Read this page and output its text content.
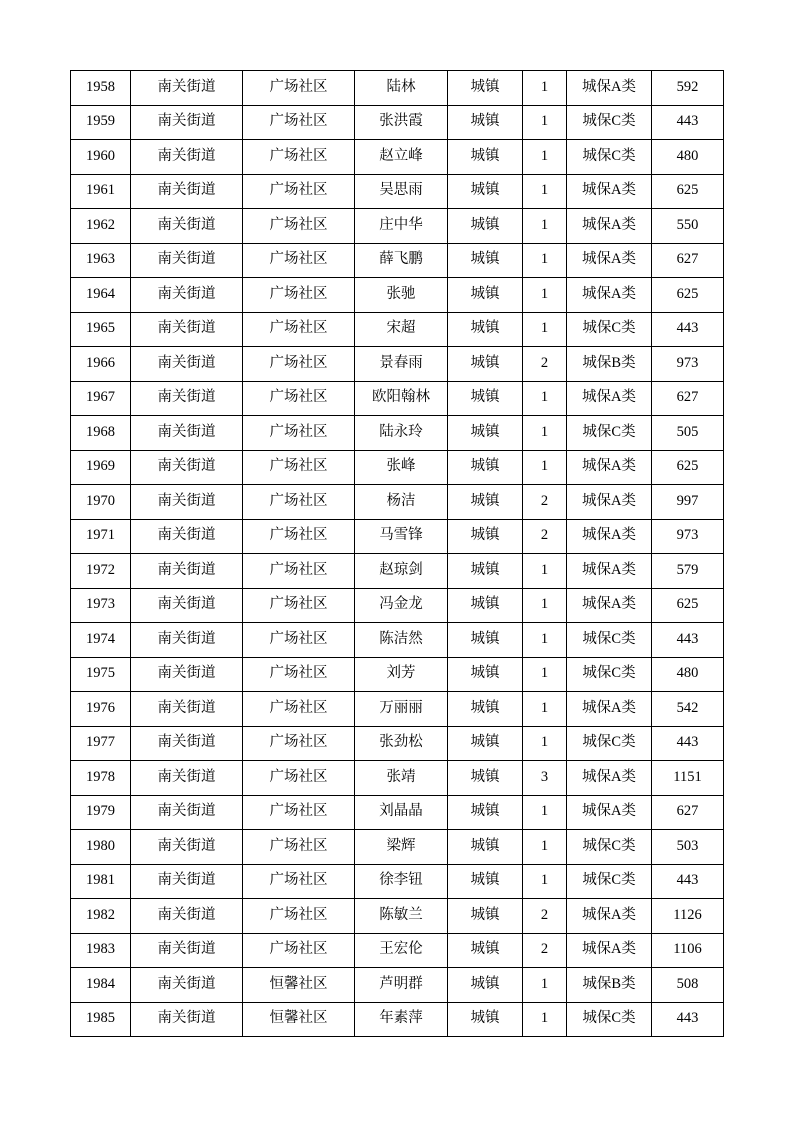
1958	南关街道	广场社区	陆林	城镇	1	城保A类	592
1959	南关街道	广场社区	张洪霞	城镇	1	城保C类	443
1960	南关街道	广场社区	赵立峰	城镇	1	城保C类	480
1961	南关街道	广场社区	吴思雨	城镇	1	城保A类	625
1962	南关街道	广场社区	庄中华	城镇	1	城保A类	550
1963	南关街道	广场社区	薛飞鹏	城镇	1	城保A类	627
1964	南关街道	广场社区	张驰	城镇	1	城保A类	625
1965	南关街道	广场社区	宋超	城镇	1	城保C类	443
1966	南关街道	广场社区	景春雨	城镇	2	城保B类	973
1967	南关街道	广场社区	欧阳翰林	城镇	1	城保A类	627
1968	南关街道	广场社区	陆永玲	城镇	1	城保C类	505
1969	南关街道	广场社区	张峰	城镇	1	城保A类	625
1970	南关街道	广场社区	杨洁	城镇	2	城保A类	997
1971	南关街道	广场社区	马雪锋	城镇	2	城保A类	973
1972	南关街道	广场社区	赵琼剑	城镇	1	城保A类	579
1973	南关街道	广场社区	冯金龙	城镇	1	城保A类	625
1974	南关街道	广场社区	陈洁然	城镇	1	城保C类	443
1975	南关街道	广场社区	刘芳	城镇	1	城保C类	480
1976	南关街道	广场社区	万丽丽	城镇	1	城保A类	542
1977	南关街道	广场社区	张劲松	城镇	1	城保C类	443
1978	南关街道	广场社区	张靖	城镇	3	城保A类	1151
1979	南关街道	广场社区	刘晶晶	城镇	1	城保A类	627
1980	南关街道	广场社区	梁辉	城镇	1	城保C类	503
1981	南关街道	广场社区	徐李钮	城镇	1	城保C类	443
1982	南关街道	广场社区	陈敏兰	城镇	2	城保A类	1126
1983	南关街道	广场社区	王宏伦	城镇	2	城保A类	1106
1984	南关街道	恒馨社区	芦明群	城镇	1	城保B类	508
1985	南关街道	恒馨社区	年素萍	城镇	1	城保C类	443
